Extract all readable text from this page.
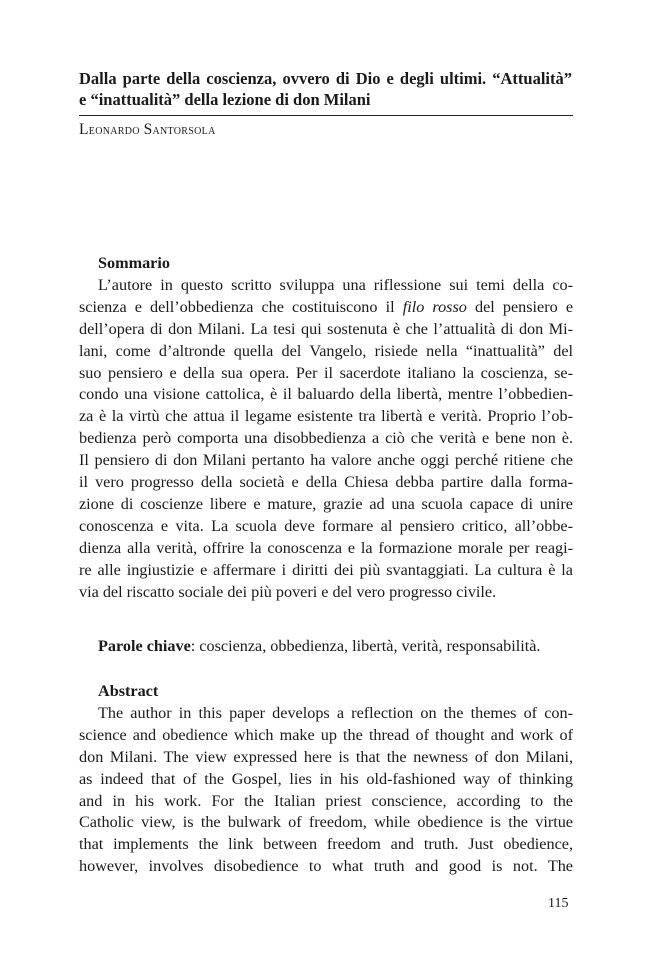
Dalla parte della coscienza, ovvero di Dio e degli ultimi. “Attualità”
e “inattualità” della lezione di don Milani
Leonardo Santorsola
Sommario
L’autore in questo scritto sviluppa una riflessione sui temi della co-
scienza e dell’obbedienza che costituiscono il filo rosso del pensiero e
dell’opera di don Milani. La tesi qui sostenuta è che l’attualità di don Mi-
lani, come d’altronde quella del Vangelo, risiede nella “inattualità” del
suo pensiero e della sua opera. Per il sacerdote italiano la coscienza, se-
condo una visione cattolica, è il baluardo della libertà, mentre l’obbedien-
za è la virtù che attua il legame esistente tra libertà e verità. Proprio l’ob-
bedienza però comporta una disobbedienza a ciò che verità e bene non è.
Il pensiero di don Milani pertanto ha valore anche oggi perché ritiene che
il vero progresso della società e della Chiesa debba partire dalla forma-
zione di coscienze libere e mature, grazie ad una scuola capace di unire
conoscenza e vita. La scuola deve formare al pensiero critico, all’obbe-
dienza alla verità, offrire la conoscenza e la formazione morale per reagi-
re alle ingiustizie e affermare i diritti dei più svantaggiati. La cultura è la
via del riscatto sociale dei più poveri e del vero progresso civile.
Parole chiave: coscienza, obbedienza, libertà, verità, responsabilità.
Abstract
The author in this paper develops a reflection on the themes of con-
science and obedience which make up the thread of thought and work of
don Milani. The view expressed here is that the newness of don Milani,
as indeed that of the Gospel, lies in his old-fashioned way of thinking
and in his work. For the Italian priest conscience, according to the
Catholic view, is the bulwark of freedom, while obedience is the virtue
that implements the link between freedom and truth. Just obedience,
however, involves disobedience to what truth and good is not. The
115
